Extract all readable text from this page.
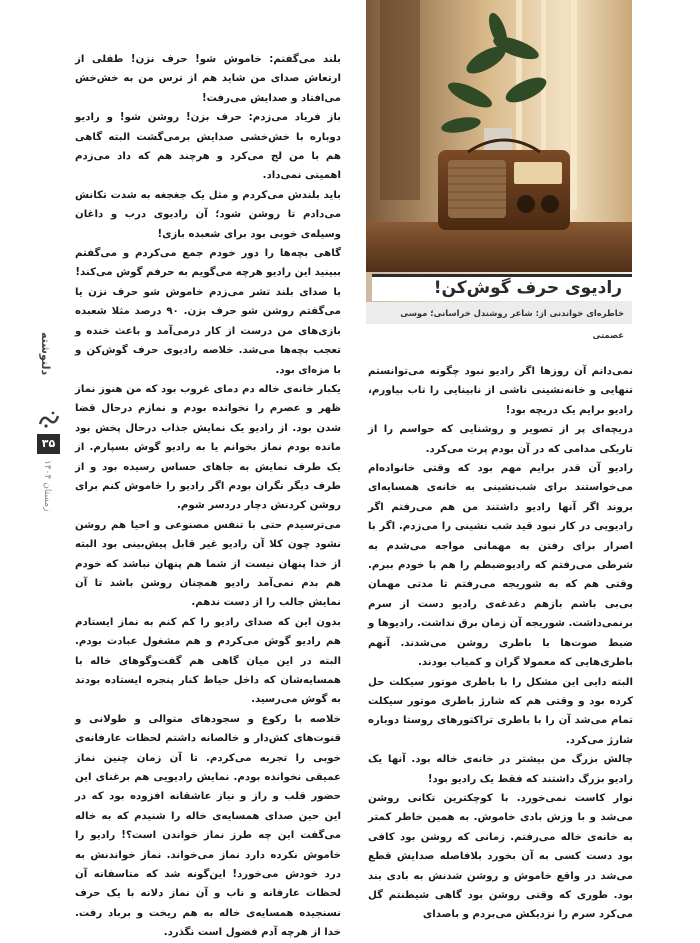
رادیوی حرف گوش‌کن!
خاطره‌ای خواندنی از: شاعر روشندل خراسانی؛ موسی عصمتی

نمی‌دانم آن روزها اگر رادیو نبود چگونه می‌توانستم تنهایی و خانه‌نشینی ناشی از نابینایی را تاب بیاورم، رادیو برایم یک دریچه بود!

دریچه‌ای پر از تصویر و روشنایی که حواسم را از تاریکی مدامی که در آن بودم پرت می‌کرد.

رادیو آن قدر برایم مهم بود که وقتی خانواده‌ام می‌خواستند برای شب‌نشینی به خانه‌ی همسایه‌ای بروند اگر آنها رادیو داشتند من هم می‌رفتم اگر رادیویی در کار نبود قید شب نشینی را می‌زدم. اگر با اصرار برای رفتن به مهمانی مواجه می‌شدم به شرطی می‌رفتم که رادیوضبطم را هم با خودم ببرم. وقتی هم که به شوریجه می‌رفتم تا مدتی مهمان بی‌بی باشم بازهم دغدغه‌ی رادیو دست از سرم برنمی‌داشت. شوریجه آن زمان برق نداشت. رادیوها و ضبط صوت‌ها با باطری روشن می‌شدند. آنهم باطری‌هایی که معمولا گران و کمیاب بودند.

البته دایی این مشکل را با باطری موتور سیکلت حل کرده بود و وقتی هم که شارژ باطری موتور سیکلت تمام می‌شد آن را با باطری تراکتورهای روستا دوباره شارژ می‌کرد.

چالش بزرگ من بیشتر در خانه‌ی خاله بود. آنها یک رادیو بزرگ داشتند که فقط یک رادیو بود!

نوار کاست نمی‌خورد. با کوچکترین تکانی روشن می‌شد و با وزش بادی خاموش. به همین خاطر کمتر به خانه‌ی خاله می‌رفتم. زمانی که روشن بود کافی بود دست کسی به آن بخورد بلافاصله صدایش قطع می‌شد در واقع خاموش و روشن شدنش به بادی بند بود. طوری که وقتی روشن بود گاهی شیطنتم گل می‌کرد سرم را نزدیکش می‌بردم و باصدای

بلند می‌گفتم: خاموش شو! حرف نزن! طفلی از ارتعاش صدای من شاید هم از ترس من به خش‌خش می‌افتاد و صدایش می‌رفت!

باز فریاد می‌زدم: حرف بزن! روشن شو! و رادیو دوباره با خش‌خشی صدایش برمی‌گشت البته گاهی هم با من لج می‌کرد و هرچند هم که داد می‌زدم اهمیتی نمی‌داد.

باید بلندش می‌کردم و مثل یک جغجغه به شدت تکانش می‌دادم تا روشن شود؛ آن رادیوی درب و داغان وسیله‌ی خوبی بود برای شعبده بازی!

گاهی بچه‌ها را دور خودم جمع می‌کردم و می‌گفتم ببینید این رادیو هرچه می‌گویم به حرفم گوش می‌کند!

با صدای بلند تشر می‌زدم خاموش شو حرف نزن یا می‌گفتم روشن شو حرف بزن. ۹۰ درصد مثلا شعبده بازی‌های من درست از کار درمی‌آمد و باعث خنده و تعجب بچه‌ها می‌شد. خلاصه رادیوی حرف گوش‌کن و با مزه‌ای بود.

یکبار خانه‌ی خاله دم دمای غروب بود که من هنوز نماز ظهر و عصرم را نخوانده بودم و نمازم درحال قضا شدن بود. از رادیو یک نمایش جذاب درحال پخش بود مانده بودم نماز بخوانم یا به رادیو گوش بسپارم. از یک طرف نمایش به جاهای حساس رسیده بود و از طرف دیگر نگران بودم اگر رادیو را خاموش کنم برای روشن کردنش دچار دردسر شوم.

می‌ترسیدم حتی با تنفس مصنوعی و احیا هم روشن نشود چون کلا آن رادیو غیر قابل پیش‌بینی بود البته از خدا پنهان نیست از شما هم پنهان نباشد که خودم هم بدم نمی‌آمد رادیو همچنان روشن باشد تا آن نمایش جالب را از دست ندهم.

بدون این که صدای رادیو را کم کنم به نماز ایستادم هم رادیو گوش می‌کردم و هم مشغول عبادت بودم. البته در این میان گاهی هم گفت‌وگوهای خاله با همسایه‌شان که داخل حیاط کنار پنجره ایستاده بودند به گوش می‌رسید.

خلاصه با رکوع و سجودهای متوالی و طولانی و قنوت‌های کش‌دار و خالصانه داشتم لحظات عارفانه‌ی خوبی را تجربه می‌کردم. تا آن زمان چنین نماز عمیقی نخوانده بودم. نمایش رادیویی هم برغنای این حضور قلب و راز و نیاز عاشقانه افزوده بود که در این حین صدای همسایه‌ی خاله را شنیدم که به خاله می‌گفت این چه طرز نماز خواندن است؟! رادیو را خاموش نکرده دارد نماز می‌خواند. نماز خواندنش به درد خودش می‌خورد! این‌گونه شد که متاسفانه آن لحظات عارفانه و ناب و آن نماز دلانه با یک حرف نسنجیده همسایه‌ی خاله به هم ریخت و برباد رفت. خدا از هرچه آدم فضول است نگذرد.

دلنوشته
۳۵
زمستان ۱۴۰۴
